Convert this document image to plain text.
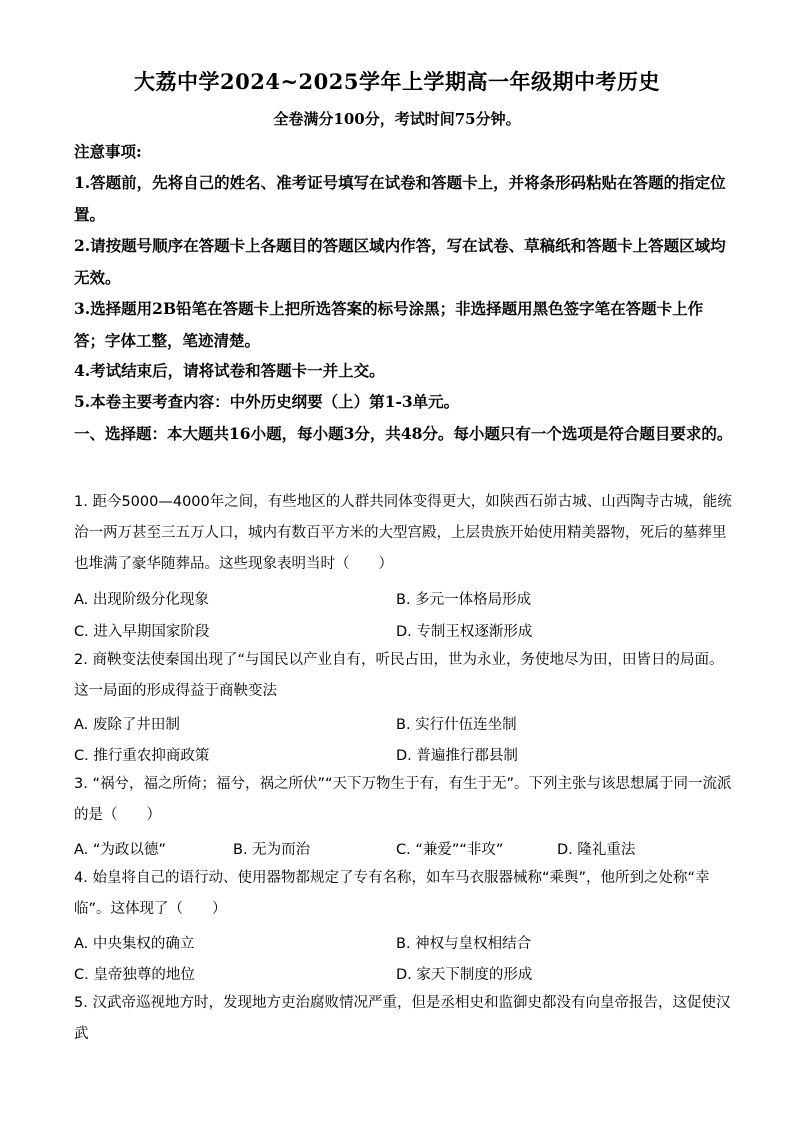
大荔中学2024~2025学年上学期高一年级期中考历史
全卷满分100分，考试时间75分钟。
注意事项:
1.答题前，先将自己的姓名、准考证号填写在试卷和答题卡上，并将条形码粘贴在答题的指定位置。
2.请按题号顺序在答题卡上各题目的答题区域内作答，写在试卷、草稿纸和答题卡上答题区域均无效。
3.选择题用2B铅笔在答题卡上把所选答案的标号涂黑；非选择题用黑色签字笔在答题卡上作答；字体工整，笔迹清楚。
4.考试结束后，请将试卷和答题卡一并上交。
5.本卷主要考查内容：中外历史纲要（上）第1-3单元。
一、选择题：本大题共16小题，每小题3分，共48分。每小题只有一个选项是符合题目要求的。
1. 距今5000—4000年之间，有些地区的人群共同体变得更大，如陕西石峁古城、山西陶寺古城，能统治一两万甚至三五万人口，城内有数百平方米的大型宫殿，上层贵族开始使用精美器物，死后的墓葬里也堆满了豪华随葬品。这些现象表明当时（　　）
A. 出现阶级分化现象	B. 多元一体格局形成
C. 进入早期国家阶段	D. 专制王权逐渐形成
2. 商鞅变法使秦国出现了“与国民以产业自有，听民占田，世为永业，务使地尽为田，田皆日的局面。这一局面的形成得益于商鞅变法
A. 废除了井田制	B. 实行什伍连坐制
C. 推行重农抑商政策	D. 普遍推行郡县制
3. “祸兮，福之所倚；福兮，祸之所伏”“天下万物生于有，有生于无”。下列主张与该思想属于同一流派的是（　　）
A. “为政以德”	B. 无为而治	C. “兼爱”“非攻”	D. 隆礼重法
4. 始皇将自己的语行动、使用器物都规定了专有名称，如车马衣服器械称“乘舆”，他所到之处称“幸临”。这体现了（　　）
A. 中央集权的确立	B. 神权与皇权相结合
C. 皇帝独尊的地位	D. 家天下制度的形成
5. 汉武帝巡视地方时，发现地方吏治腐败情况严重，但是丞相史和监御史都没有向皇帝报告，这促使汉武
